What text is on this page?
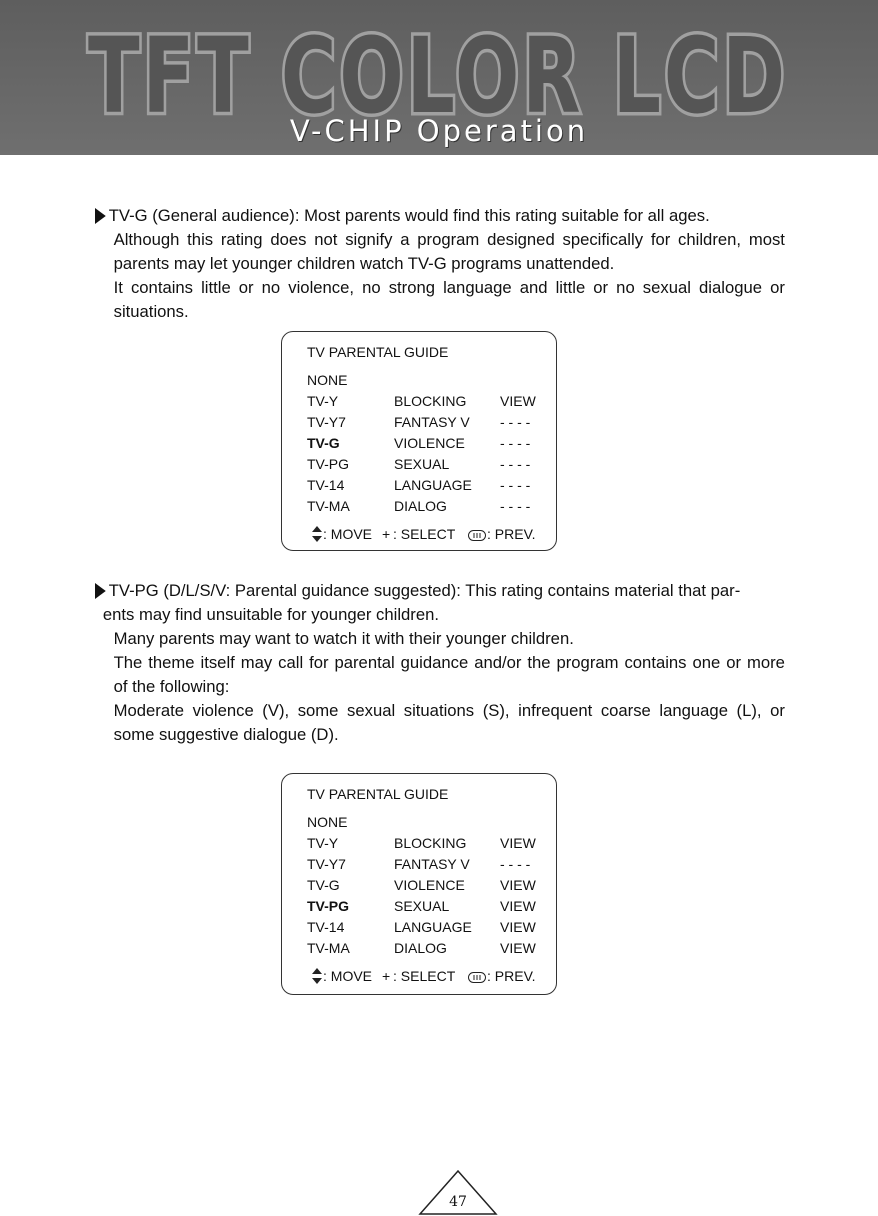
TFT COLOR LCD
V-CHIP Operation

TV-G (General audience): Most parents would find this rating suitable for all ages.

Although this rating does not signify a program designed specifically for children, most parents may let younger children watch TV-G programs unattended.

It contains little or no violence, no strong language and little or no sexual dialogue or situations.

TV PARENTAL GUIDE
NONE
TV-Y	BLOCKING VIEW
TV-Y7	FANTASY V - - - -
TV-G	VIOLENCE	- - - -
TV-PG	SEXUAL	- - - -
TV-14	LANGUAGE - - - -
TV-MA	DIALOG	- - - -
: MOVE + : SELECT : PREV.

TV-PG (D/L/S/V: Parental guidance suggested): This rating contains material that par-

ents may find unsuitable for younger children.

Many parents may want to watch it with their younger children.

The theme itself may call for parental guidance and/or the program contains one or more of the following:

Moderate violence (V), some sexual situations (S), infrequent coarse language (L), or some suggestive dialogue (D).

TV PARENTAL GUIDE
NONE
TV-Y	BLOCKING VIEW
TV-Y7	FANTASY V - - - -
TV-G	VIOLENCE	VIEW
TV-PG	SEXUAL	VIEW
TV-14	LANGUAGE VIEW
TV-MA	DIALOG	VIEW
: MOVE + : SELECT : PREV.
47
